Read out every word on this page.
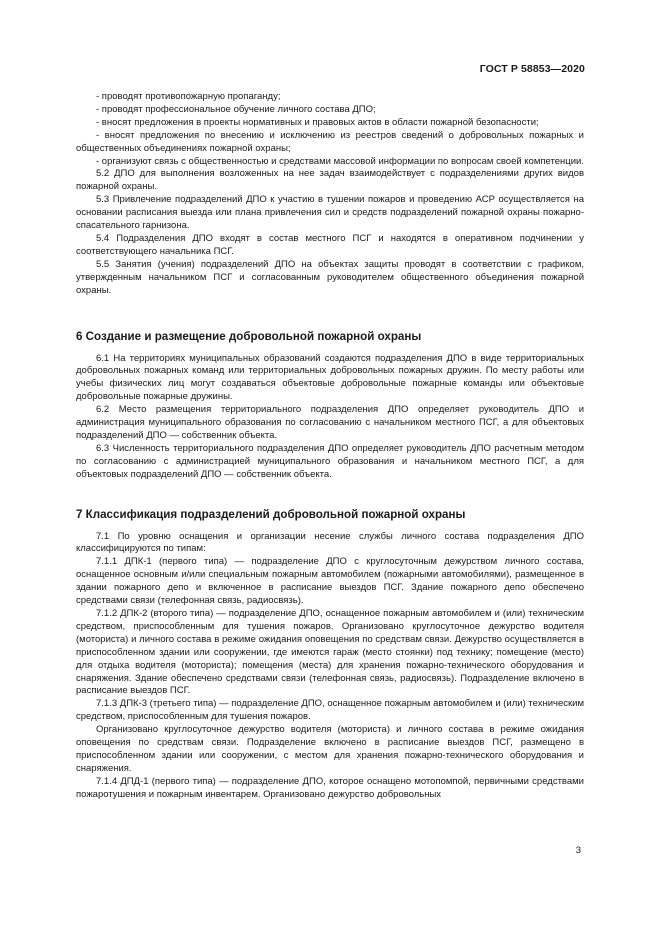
ГОСТ Р 58853—2020

- проводят противопожарную пропаганду;

- проводят профессиональное обучение личного состава ДПО;

- вносят предложения в проекты нормативных и правовых актов в области пожарной безопасности;

- вносят предложения по внесению и исключению из реестров сведений о добровольных пожарных и общественных объединениях пожарной охраны;

- организуют связь с общественностью и средствами массовой информации по вопросам своей компетенции.

5.2 ДПО для выполнения возложенных на нее задач взаимодействует с подразделениями других видов пожарной охраны.

5.3 Привлечение подразделений ДПО к участию в тушении пожаров и проведению АСР осуществляется на основании расписания выезда или плана привлечения сил и средств подразделений пожарной охраны пожарно-спасательного гарнизона.

5.4 Подразделения ДПО входят в состав местного ПСГ и находятся в оперативном подчинении у соответствующего начальника ПСГ.

5.5 Занятия (учения) подразделений ДПО на объектах защиты проводят в соответствии с графиком, утвержденным начальником ПСГ и согласованным руководителем общественного объединения пожарной охраны.

6 Создание и размещение добровольной пожарной охраны

6.1 На территориях муниципальных образований создаются подразделения ДПО в виде территориальных добровольных пожарных команд или территориальных добровольных пожарных дружин. По месту работы или учебы физических лиц могут создаваться объектовые добровольные пожарные команды или объектовые добровольные пожарные дружины.

6.2 Место размещения территориального подразделения ДПО определяет руководитель ДПО и администрация муниципального образования по согласованию с начальником местного ПСГ, а для объектовых подразделений ДПО — собственник объекта.

6.3 Численность территориального подразделения ДПО определяет руководитель ДПО расчетным методом по согласованию с администрацией муниципального образования и начальником местного ПСГ, а для объектовых подразделений ДПО — собственник объекта.

7 Классификация подразделений добровольной пожарной охраны

7.1 По уровню оснащения и организации несение службы личного состава подразделения ДПО классифицируются по типам:

7.1.1 ДПК-1 (первого типа) — подразделение ДПО с круглосуточным дежурством личного состава, оснащенное основным и/или специальным пожарным автомобилем (пожарными автомобилями), размещенное в здании пожарного депо и включенное в расписание выездов ПСГ. Здание пожарного депо обеспечено средствами связи (телефонная связь, радиосвязь).

7.1.2 ДПК-2 (второго типа) — подразделение ДПО, оснащенное пожарным автомобилем и (или) техническим средством, приспособленным для тушения пожаров. Организовано круглосуточное дежурство водителя (моториста) и личного состава в режиме ожидания оповещения по средствам связи. Дежурство осуществляется в приспособленном здании или сооружении, где имеются гараж (место стоянки) под технику; помещение (место) для отдыха водителя (моториста); помещения (места) для хранения пожарно-технического оборудования и снаряжения. Здание обеспечено средствами связи (телефонная связь, радиосвязь). Подразделение включено в расписание выездов ПСГ.

7.1.3 ДПК-3 (третьего типа) — подразделение ДПО, оснащенное пожарным автомобилем и (или) техническим средством, приспособленным для тушения пожаров.

Организовано круглосуточное дежурство водителя (моториста) и личного состава в режиме ожидания оповещения по средствам связи. Подразделение включено в расписание выездов ПСГ, размещено в приспособленном здании или сооружении, с местом для хранения пожарно-технического оборудования и снаряжения.

7.1.4 ДПД-1 (первого типа) — подразделение ДПО, которое оснащено мотопомпой, первичными средствами пожаротушения и пожарным инвентарем. Организовано дежурство добровольных

3
